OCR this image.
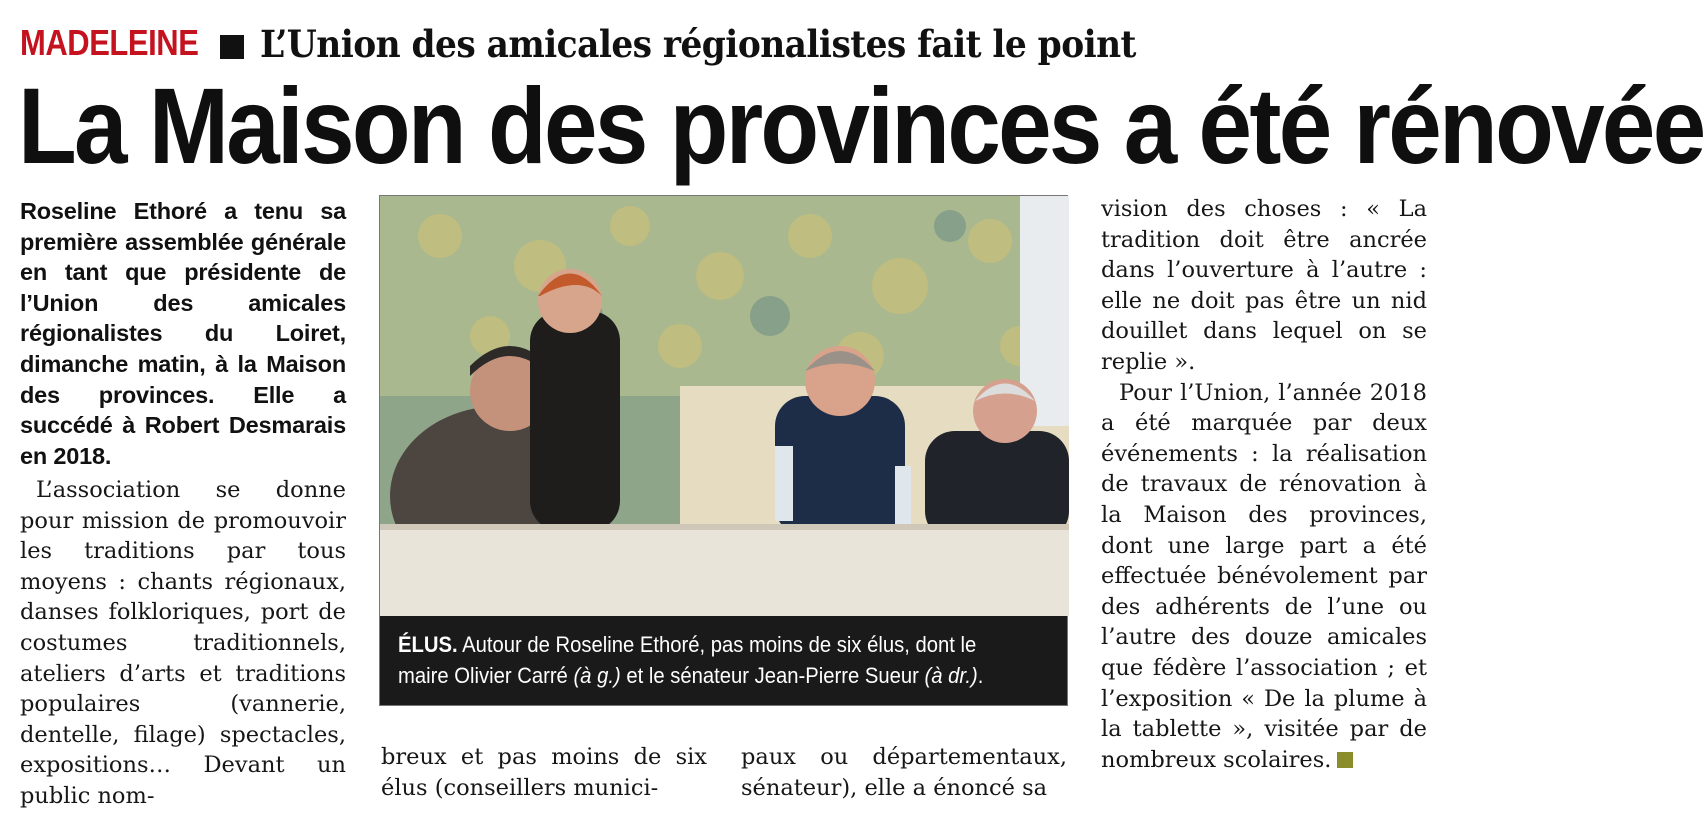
MADELEINE L’Union des amicales régionalistes fait le point
La Maison des provinces a été rénovée

Roseline Ethoré a tenu sa première assemblée générale en tant que présidente de l’Union des amicales régionalistes du Loiret, dimanche matin, à la Maison des provinces. Elle a succédé à Robert Desmarais en 2018.

L’association se donne pour mission de promouvoir les traditions par tous moyens : chants régionaux, danses folkloriques, port de costumes traditionnels, ateliers d’arts et traditions populaires (vannerie, dentelle, filage) spectacles, expositions… Devant un public nom-

ÉLUS. Autour de Roseline Ethoré, pas moins de six élus, dont le
maire Olivier Carré (à g.) et le sénateur Jean-Pierre Sueur (à dr.).

breux et pas moins de six élus (conseillers munici-

paux ou départementaux, sénateur), elle a énoncé sa

vision des choses : « La tradition doit être ancrée dans l’ouverture à l’autre : elle ne doit pas être un nid douillet dans lequel on se replie ».

Pour l’Union, l’année 2018 a été marquée par deux événements : la réalisation de travaux de rénovation à la Maison des provinces, dont une large part a été effectuée bénévolement par des adhérents de l’une ou l’autre des douze amicales que fédère l’association ; et l’exposition « De la plume à la tablette », visitée par de nombreux scolaires.
